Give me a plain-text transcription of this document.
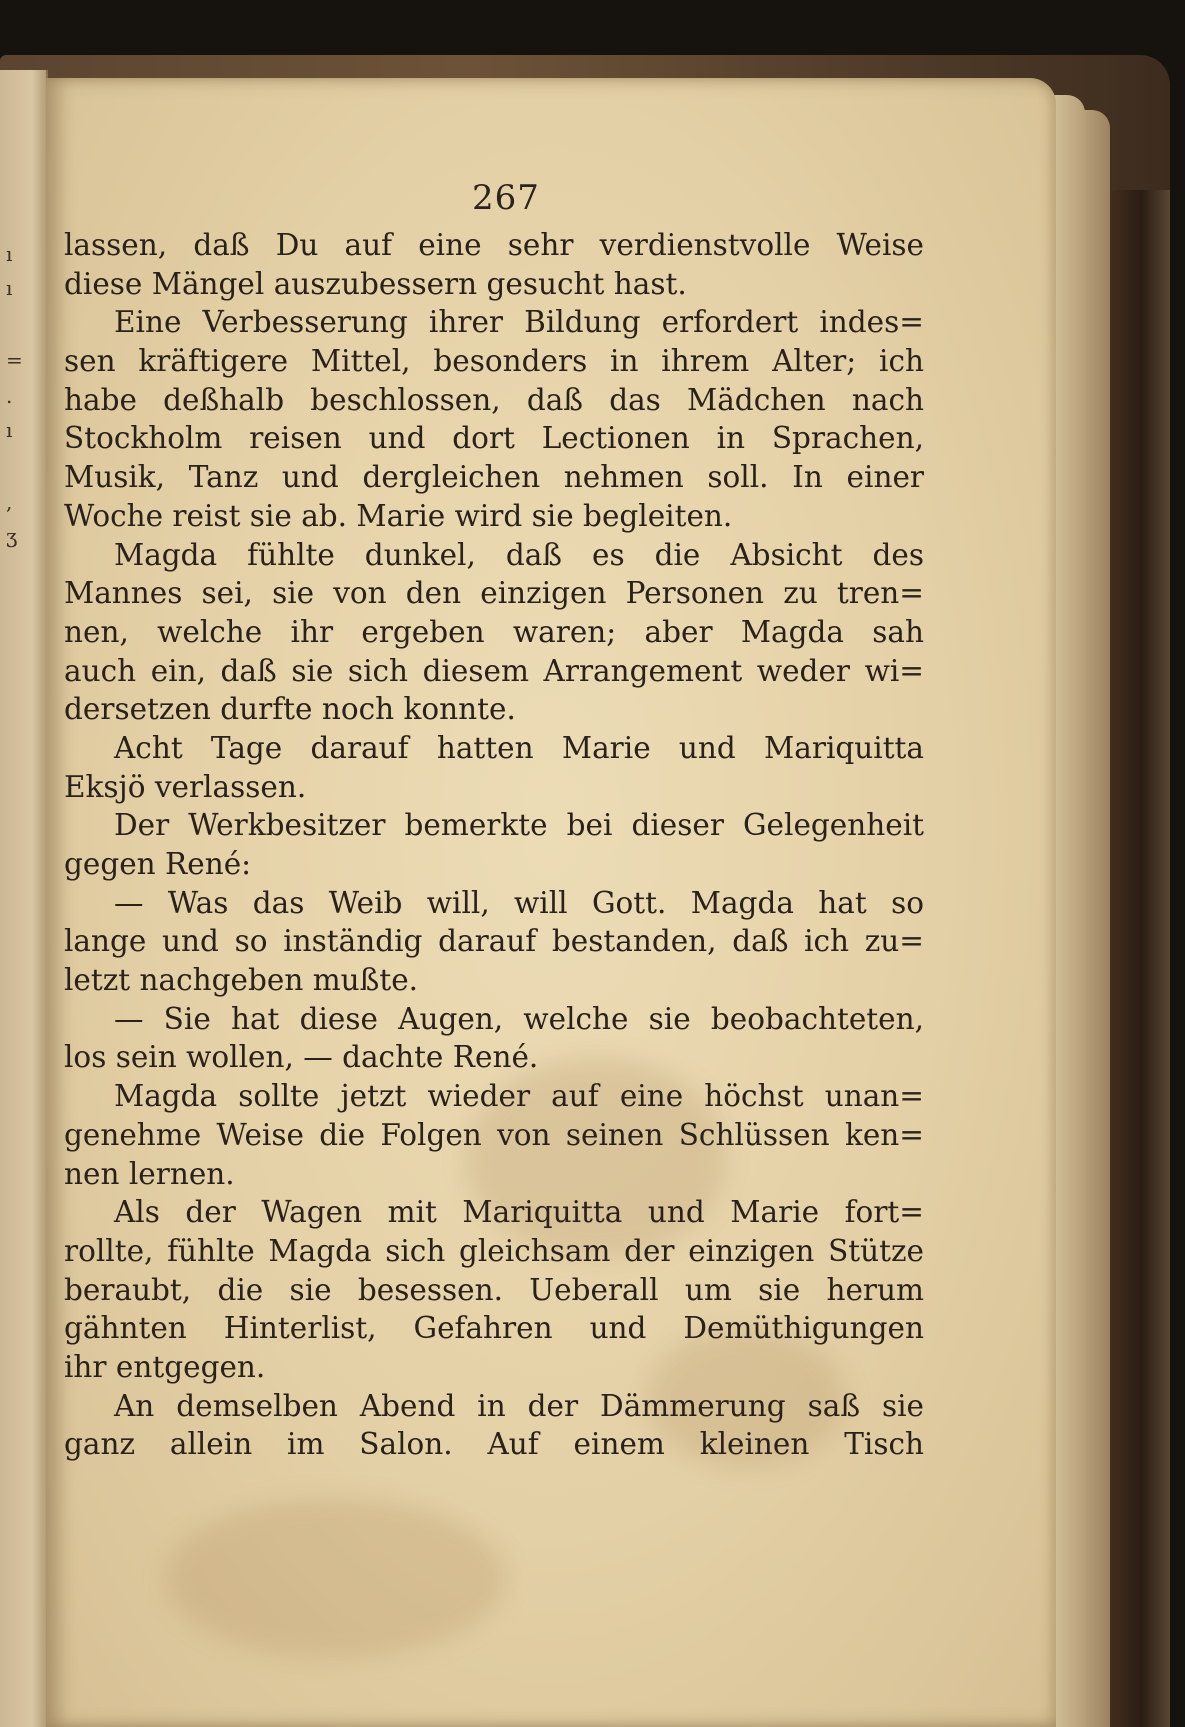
ı
ı
=
.
ı
,
ʒ
267
lassen, daß Du auf eine sehr verdienstvolle Weise
diese Mängel auszubessern gesucht hast.
Eine Verbesserung ihrer Bildung erfordert indes=
sen kräftigere Mittel, besonders in ihrem Alter; ich
habe deßhalb beschlossen, daß das Mädchen nach
Stockholm reisen und dort Lectionen in Sprachen,
Musik, Tanz und dergleichen nehmen soll. In einer
Woche reist sie ab. Marie wird sie begleiten.
Magda fühlte dunkel, daß es die Absicht des
Mannes sei, sie von den einzigen Personen zu tren=
nen, welche ihr ergeben waren; aber Magda sah
auch ein, daß sie sich diesem Arrangement weder wi=
dersetzen durfte noch konnte.
Acht Tage darauf hatten Marie und Mariquitta
Eksjö verlassen.
Der Werkbesitzer bemerkte bei dieser Gelegenheit
gegen René:
— Was das Weib will, will Gott. Magda hat so
lange und so inständig darauf bestanden, daß ich zu=
letzt nachgeben mußte.
— Sie hat diese Augen, welche sie beobachteten,
los sein wollen, — dachte René.
Magda sollte jetzt wieder auf eine höchst unan=
genehme Weise die Folgen von seinen Schlüssen ken=
nen lernen.
Als der Wagen mit Mariquitta und Marie fort=
rollte, fühlte Magda sich gleichsam der einzigen Stütze
beraubt, die sie besessen. Ueberall um sie herum
gähnten Hinterlist, Gefahren und Demüthigungen
ihr entgegen.
An demselben Abend in der Dämmerung saß sie
ganz allein im Salon. Auf einem kleinen Tisch
